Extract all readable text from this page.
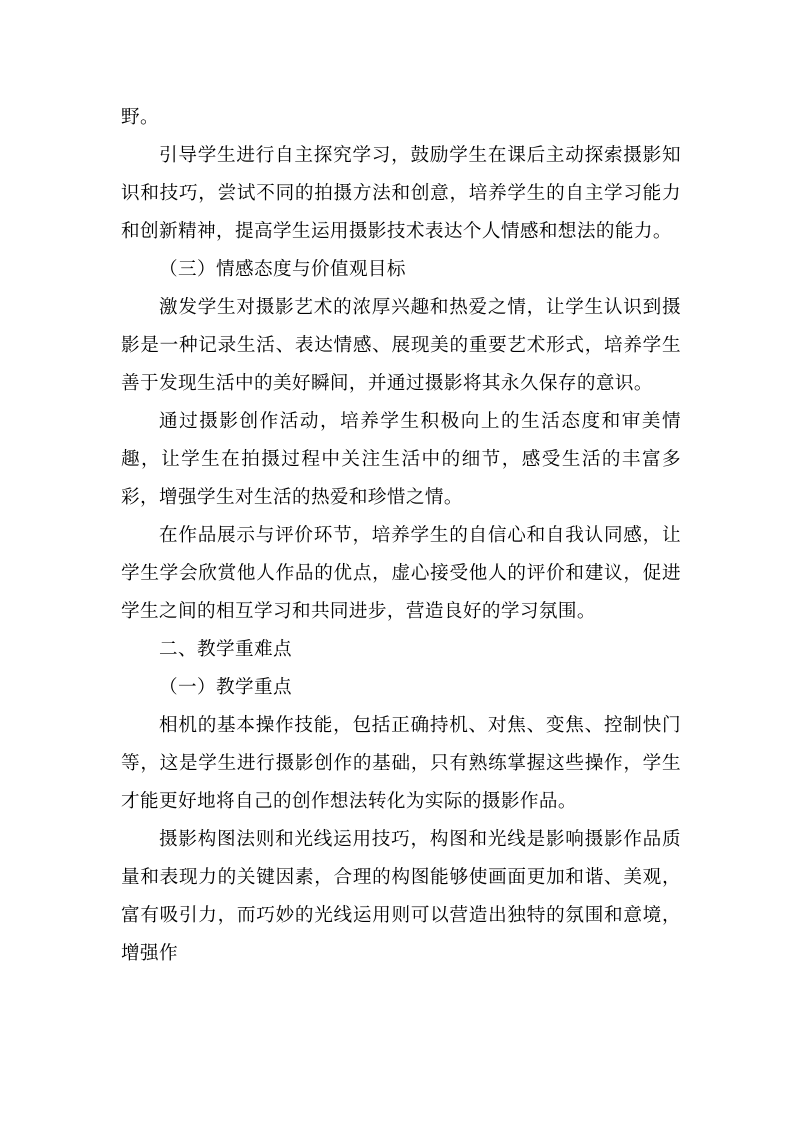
野。

引导学生进行自主探究学习，鼓励学生在课后主动探索摄影知识和技巧，尝试不同的拍摄方法和创意，培养学生的自主学习能力和创新精神，提高学生运用摄影技术表达个人情感和想法的能力。

（三）情感态度与价值观目标

激发学生对摄影艺术的浓厚兴趣和热爱之情，让学生认识到摄影是一种记录生活、表达情感、展现美的重要艺术形式，培养学生善于发现生活中的美好瞬间，并通过摄影将其永久保存的意识。

通过摄影创作活动，培养学生积极向上的生活态度和审美情趣，让学生在拍摄过程中关注生活中的细节，感受生活的丰富多彩，增强学生对生活的热爱和珍惜之情。

在作品展示与评价环节，培养学生的自信心和自我认同感，让学生学会欣赏他人作品的优点，虚心接受他人的评价和建议，促进学生之间的相互学习和共同进步，营造良好的学习氛围。

二、教学重难点

（一）教学重点

相机的基本操作技能，包括正确持机、对焦、变焦、控制快门等，这是学生进行摄影创作的基础，只有熟练掌握这些操作，学生才能更好地将自己的创作想法转化为实际的摄影作品。

摄影构图法则和光线运用技巧，构图和光线是影响摄影作品质量和表现力的关键因素，合理的构图能够使画面更加和谐、美观，富有吸引力，而巧妙的光线运用则可以营造出独特的氛围和意境，增强作
